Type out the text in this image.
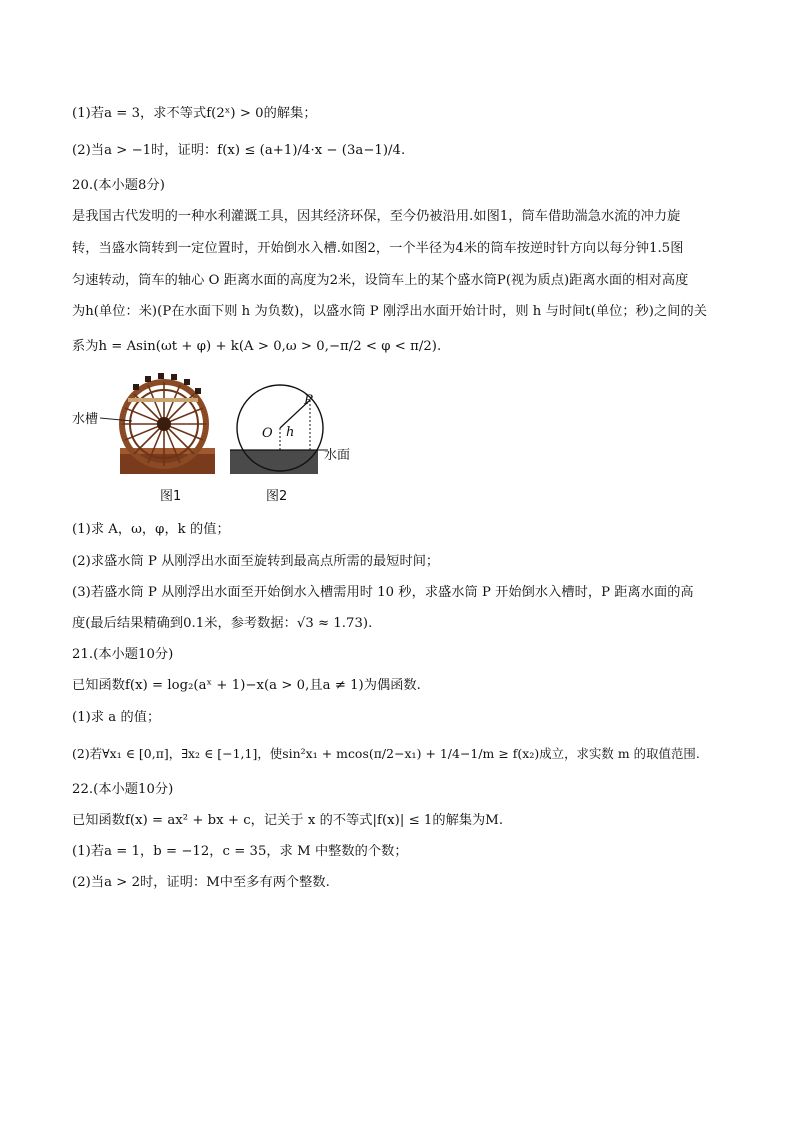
(1)若a = 3，求不等式f(2ˣ) > 0的解集；
(2)当a > −1时，证明：f(x) ≤ (a+1)/4·x − (3a−1)/4.
20.(本小题8分)
是我国古代发明的一种水利灌溉工具，因其经济环保，至今仍被沿用.如图1，筒车借助湍急水流的冲力旋
转，当盛水筒转到一定位置时，开始倒水入槽.如图2，一个半径为4米的筒车按逆时针方向以每分钟1.5图
匀速转动，筒车的轴心 O 距离水面的高度为2米，设筒车上的某个盛水筒P(视为质点)距离水面的相对高度
为h(单位：米)(P在水面下则 h 为负数)，以盛水筒 P 刚浮出水面开始计时，则 h 与时间t(单位；秒)之间的关
系为h = Asin(ωt + φ) + k(A > 0,ω > 0,−π/2 < φ < π/2).
水槽
O h
P
水面
图1	图2
(1)求 A，ω，φ，k 的值；
(2)求盛水筒 P 从刚浮出水面至旋转到最高点所需的最短时间；
(3)若盛水筒 P 从刚浮出水面至开始倒水入槽需用时 10 秒，求盛水筒 P 开始倒水入槽时，P 距离水面的高
度(最后结果精确到0.1米，参考数据：√3 ≈ 1.73).
21.(本小题10分)
已知函数f(x) = log₂(aˣ + 1)−x(a > 0,且a ≠ 1)为偶函数.
(1)求 a 的值；
(2)若∀x₁ ∈ [0,π]，∃x₂ ∈ [−1,1]，使sin²x₁ + mcos(π/2−x₁) + 1/4−1/m ≥ f(x₂)成立，求实数 m 的取值范围.
22.(本小题10分)
已知函数f(x) = ax² + bx + c，记关于 x 的不等式|f(x)| ≤ 1的解集为M.
(1)若a = 1，b = −12，c = 35，求 M 中整数的个数；
(2)当a > 2时，证明：M中至多有两个整数.
